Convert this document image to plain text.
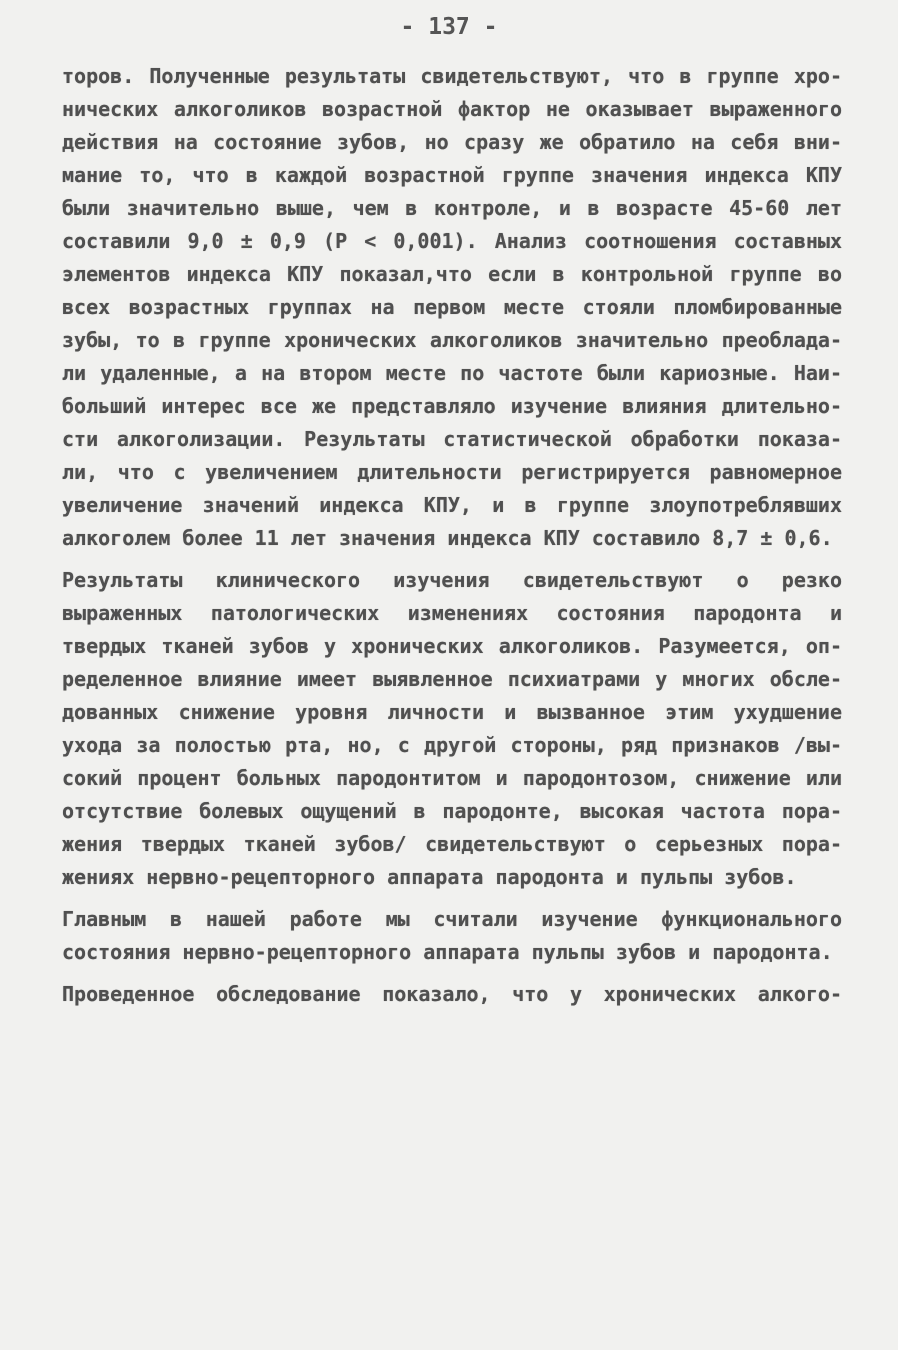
- 137 -
торов. Полученные результаты свидетельствуют, что в группе хро-
нических алкоголиков возрастной фактор не оказывает выраженного
действия на состояние зубов, но сразу же обратило на себя вни-
мание то, что в каждой возрастной группе значения индекса КПУ
были значительно выше, чем в контроле, и в возрасте 45-60 лет
составили 9,0 ± 0,9 (Р < 0,001). Анализ соотношения составных
элементов индекса КПУ показал,что если в контрольной группе во
всех возрастных группах на первом месте стояли пломбированные
зубы, то в группе хронических алкоголиков значительно преоблада-
ли удаленные, а на втором месте по частоте были кариозные. Наи-
больший интерес все же представляло изучение влияния длительно-
сти алкоголизации. Результаты статистической обработки показа-
ли, что с увеличением длительности регистрируется равномерное
увеличение значений индекса КПУ, и в группе злоупотреблявших
алкоголем более 11 лет значения индекса КПУ составило 8,7 ± 0,6.
Результаты клинического изучения свидетельствуют о резко
выраженных патологических изменениях состояния пародонта и
твердых тканей зубов у хронических алкоголиков. Разумеется, оп-
ределенное влияние имеет выявленное психиатрами у многих обсле-
дованных снижение уровня личности и вызванное этим ухудшение
ухода за полостью рта, но, с другой стороны, ряд признаков /вы-
сокий процент больных пародонтитом и пародонтозом, снижение или
отсутствие болевых ощущений в пародонте, высокая частота пора-
жения твердых тканей зубов/ свидетельствуют о серьезных пора-
жениях нервно-рецепторного аппарата пародонта и пульпы зубов.
Главным в нашей работе мы считали изучение функционального
состояния нервно-рецепторного аппарата пульпы зубов и пародонта.
Проведенное обследование показало, что у хронических алкого-
